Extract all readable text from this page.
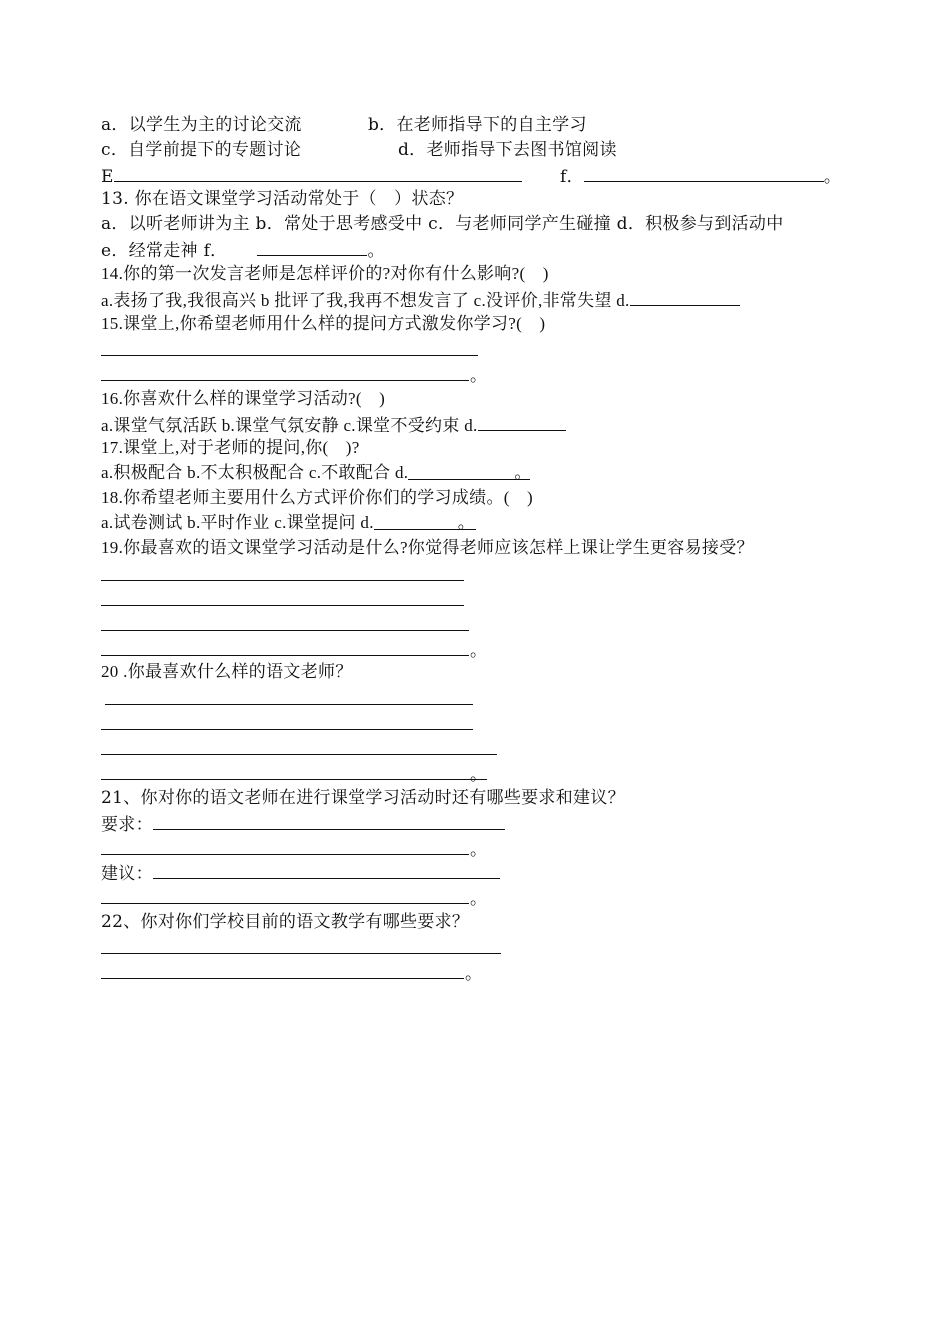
a．以学生为主的讨论交流	b．在老师指导下的自主学习
c．自学前提下的专题讨论	d．老师指导下去图书馆阅读
E	f．	。
13. 你在语文课堂学习活动常处于（　）状态？
a．以听老师讲为主 b．常处于思考感受中 c．与老师同学产生碰撞 d．积极参与到活动中
e．经常走神 f．	。
14.你的第一次发言老师是怎样评价的?对你有什么影响?(　)
a.表扬了我,我很高兴 b 批评了我,我再不想发言了 c.没评价,非常失望 d.
15.课堂上,你希望老师用什么样的提问方式激发你学习?(　)
。
16.你喜欢什么样的课堂学习活动?(　)
a.课堂气氛活跃 b.课堂气氛安静 c.课堂不受约束 d.
17.课堂上,对于老师的提问,你(　)?
a.积极配合 b.不太积极配合 c.不敢配合 d.	。
18.你希望老师主要用什么方式评价你们的学习成绩。(　)
a.试卷测试 b.平时作业 c.课堂提问 d.	。
19.你最喜欢的语文课堂学习活动是什么?你觉得老师应该怎样上课让学生更容易接受？
。
20 .你最喜欢什么样的语文老师？
。
21、你对你的语文老师在进行课堂学习活动时还有哪些要求和建议？
要求：
。
建议：
。
22、你对你们学校目前的语文教学有哪些要求？
。
